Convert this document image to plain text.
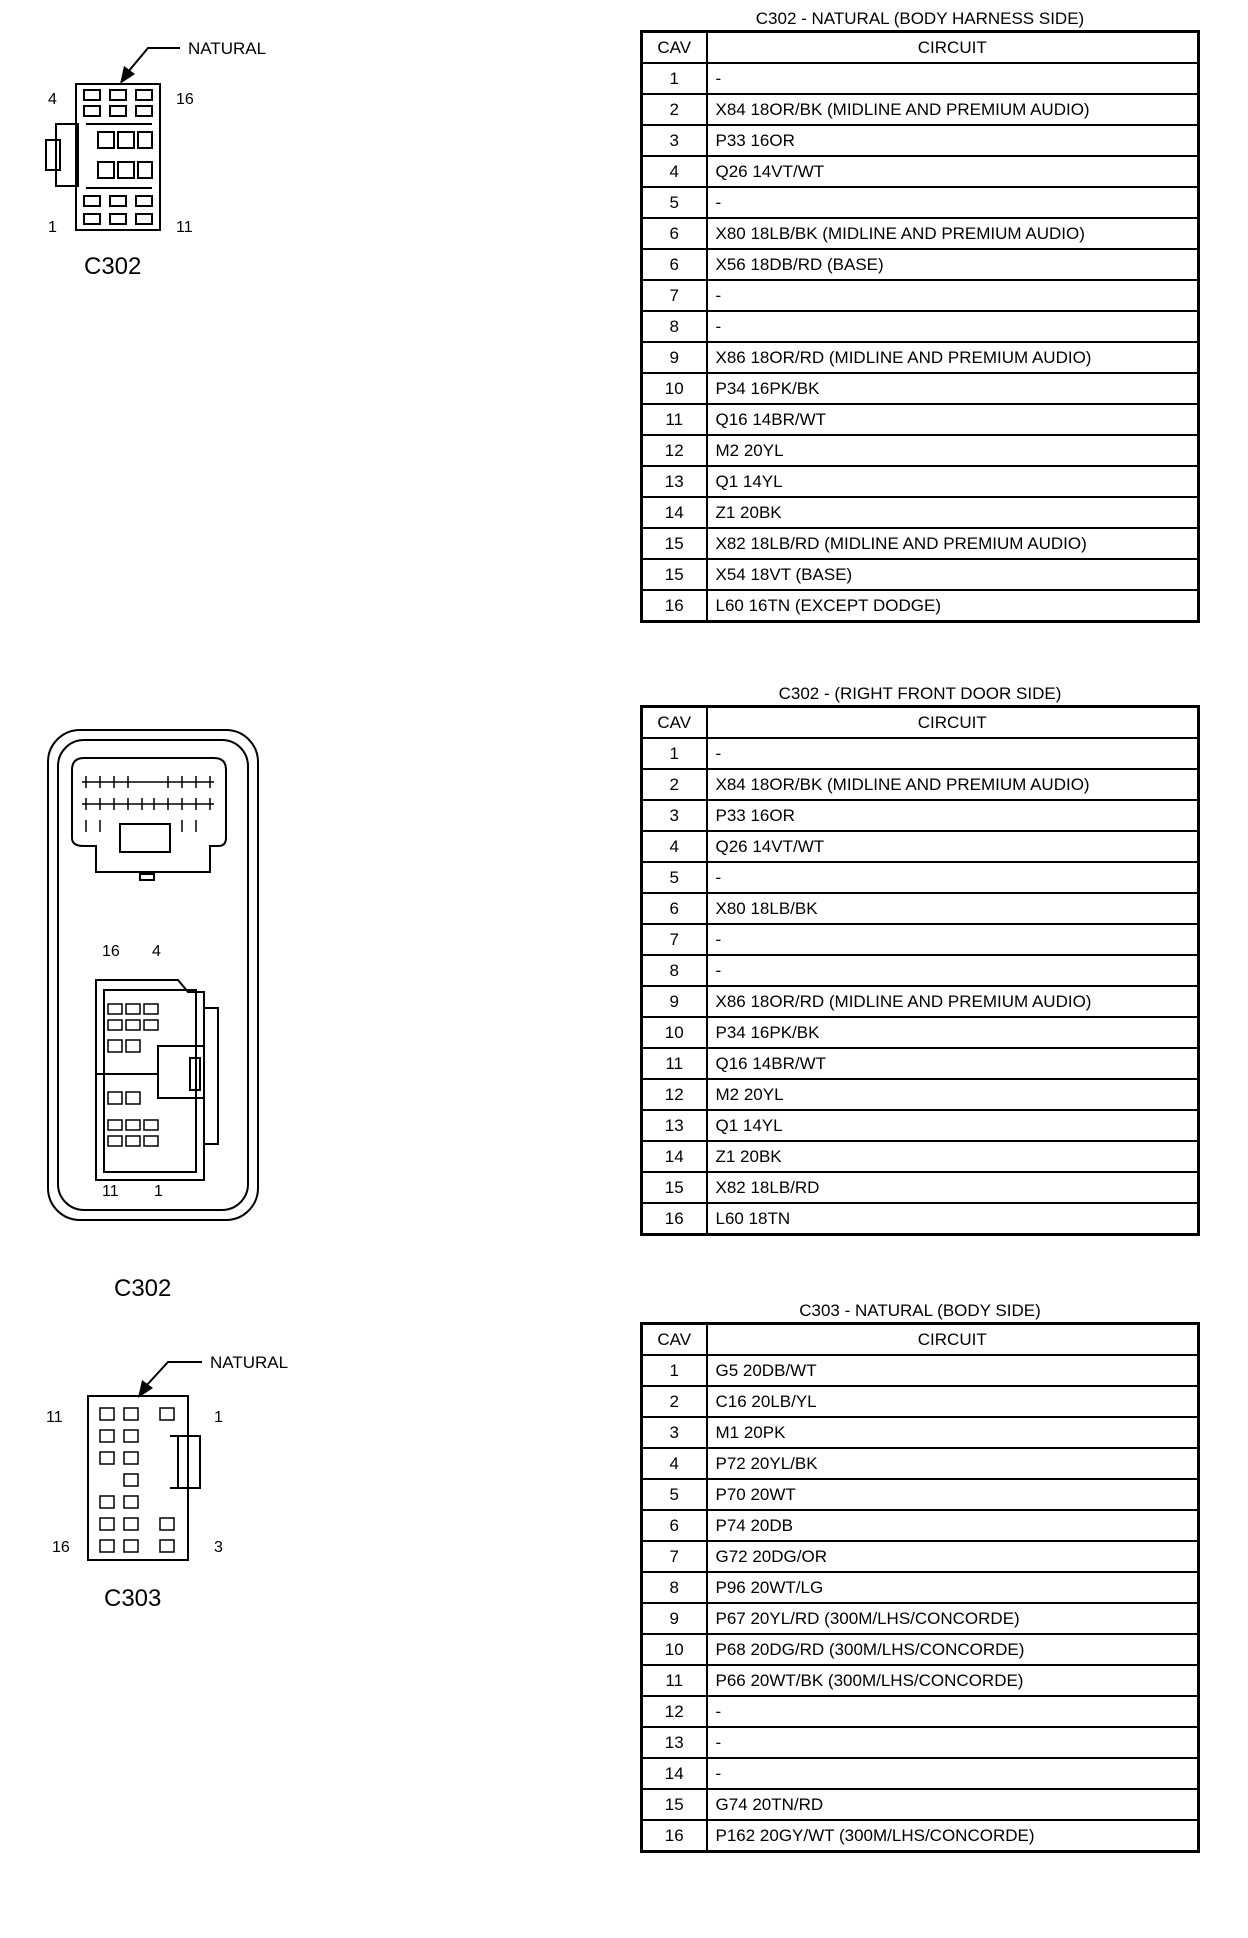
NATURAL
4	16
1	11
C302
16 4
11 1
C302
NATURAL
11	1
16	3
C303
C302 - NATURAL (BODY HARNESS SIDE)
CAV	CIRCUIT
1	-
2	X84 18OR/BK (MIDLINE AND PREMIUM AUDIO)
3	P33 16OR
4	Q26 14VT/WT
5	-
6	X80 18LB/BK (MIDLINE AND PREMIUM AUDIO)
6	X56 18DB/RD (BASE)
7	-
8	-
9	X86 18OR/RD (MIDLINE AND PREMIUM AUDIO)
10	P34 16PK/BK
11	Q16 14BR/WT
12	M2 20YL
13	Q1 14YL
14	Z1 20BK
15	X82 18LB/RD (MIDLINE AND PREMIUM AUDIO)
15	X54 18VT (BASE)
16	L60 16TN (EXCEPT DODGE)
C302 - (RIGHT FRONT DOOR SIDE)
CAV	CIRCUIT
1	-
2	X84 18OR/BK (MIDLINE AND PREMIUM AUDIO)
3	P33 16OR
4	Q26 14VT/WT
5	-
6	X80 18LB/BK
7	-
8	-
9	X86 18OR/RD (MIDLINE AND PREMIUM AUDIO)
10	P34 16PK/BK
11	Q16 14BR/WT
12	M2 20YL
13	Q1 14YL
14	Z1 20BK
15	X82 18LB/RD
16	L60 18TN
C303 - NATURAL (BODY SIDE)
CAV	CIRCUIT
1	G5 20DB/WT
2	C16 20LB/YL
3	M1 20PK
4	P72 20YL/BK
5	P70 20WT
6	P74 20DB
7	G72 20DG/OR
8	P96 20WT/LG
9	P67 20YL/RD (300M/LHS/CONCORDE)
10	P68 20DG/RD (300M/LHS/CONCORDE)
11	P66 20WT/BK (300M/LHS/CONCORDE)
12	-
13	-
14	-
15	G74 20TN/RD
16	P162 20GY/WT (300M/LHS/CONCORDE)
